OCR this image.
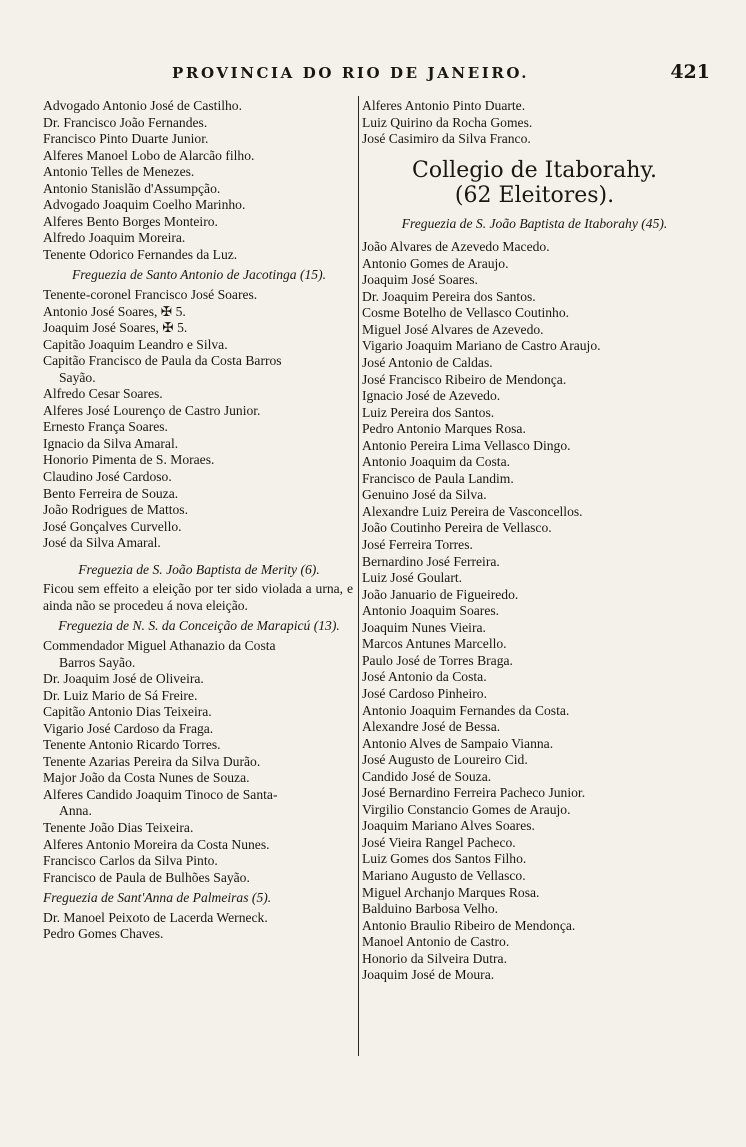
PROVINCIA DO RIO DE JANEIRO.	421
Advogado Antonio José de Castilho.
Dr. Francisco João Fernandes.
Francisco Pinto Duarte Junior.
Alferes Manoel Lobo de Alarcão filho.
Antonio Telles de Menezes.
Antonio Stanislão d'Assumpção.
Advogado Joaquim Coelho Marinho.
Alferes Bento Borges Monteiro.
Alfredo Joaquim Moreira.
Tenente Odorico Fernandes da Luz.
Freguezia de Santo Antonio de Jacotinga (15).
Tenente-coronel Francisco José Soares.
Antonio José Soares, ✠ 5.
Joaquim José Soares, ✠ 5.
Capitão Joaquim Leandro e Silva.
Capitão Francisco de Paula da Costa Barros
Sayão.
Alfredo Cesar Soares.
Alferes José Lourenço de Castro Junior.
Ernesto França Soares.
Ignacio da Silva Amaral.
Honorio Pimenta de S. Moraes.
Claudino José Cardoso.
Bento Ferreira de Souza.
João Rodrigues de Mattos.
José Gonçalves Curvello.
José da Silva Amaral.
Freguezia de S. João Baptista de Merity (6).
Ficou sem effeito a eleição por ter sido violada a urna, e ainda não se procedeu á nova eleição.
Freguezia de N. S. da Conceição de Marapicú (13).
Commendador Miguel Athanazio da Costa
Barros Sayão.
Dr. Joaquim José de Oliveira.
Dr. Luiz Mario de Sá Freire.
Capitão Antonio Dias Teixeira.
Vigario José Cardoso da Fraga.
Tenente Antonio Ricardo Torres.
Tenente Azarias Pereira da Silva Durão.
Major João da Costa Nunes de Souza.
Alferes Candido Joaquim Tinoco de Santa-
Anna.
Tenente João Dias Teixeira.
Alferes Antonio Moreira da Costa Nunes.
Francisco Carlos da Silva Pinto.
Francisco de Paula de Bulhões Sayão.
Freguezia de Sant'Anna de Palmeiras (5).
Dr. Manoel Peixoto de Lacerda Werneck.
Pedro Gomes Chaves.
Alferes Antonio Pinto Duarte.
Luiz Quirino da Rocha Gomes.
José Casimiro da Silva Franco.
Collegio de Itaborahy.
(62 Eleitores).
Freguezia de S. João Baptista de Itaborahy (45).
João Alvares de Azevedo Macedo.
Antonio Gomes de Araujo.
Joaquim José Soares.
Dr. Joaquim Pereira dos Santos.
Cosme Botelho de Vellasco Coutinho.
Miguel José Alvares de Azevedo.
Vigario Joaquim Mariano de Castro Araujo.
José Antonio de Caldas.
José Francisco Ribeiro de Mendonça.
Ignacio José de Azevedo.
Luiz Pereira dos Santos.
Pedro Antonio Marques Rosa.
Antonio Pereira Lima Vellasco Dingo.
Antonio Joaquim da Costa.
Francisco de Paula Landim.
Genuino José da Silva.
Alexandre Luiz Pereira de Vasconcellos.
João Coutinho Pereira de Vellasco.
José Ferreira Torres.
Bernardino José Ferreira.
Luiz José Goulart.
João Januario de Figueiredo.
Antonio Joaquim Soares.
Joaquim Nunes Vieira.
Marcos Antunes Marcello.
Paulo José de Torres Braga.
José Antonio da Costa.
José Cardoso Pinheiro.
Antonio Joaquim Fernandes da Costa.
Alexandre José de Bessa.
Antonio Alves de Sampaio Vianna.
José Augusto de Loureiro Cid.
Candido José de Souza.
José Bernardino Ferreira Pacheco Junior.
Virgilio Constancio Gomes de Araujo.
Joaquim Mariano Alves Soares.
José Vieira Rangel Pacheco.
Luiz Gomes dos Santos Filho.
Mariano Augusto de Vellasco.
Miguel Archanjo Marques Rosa.
Balduino Barbosa Velho.
Antonio Braulio Ribeiro de Mendonça.
Manoel Antonio de Castro.
Honorio da Silveira Dutra.
Joaquim José de Moura.
